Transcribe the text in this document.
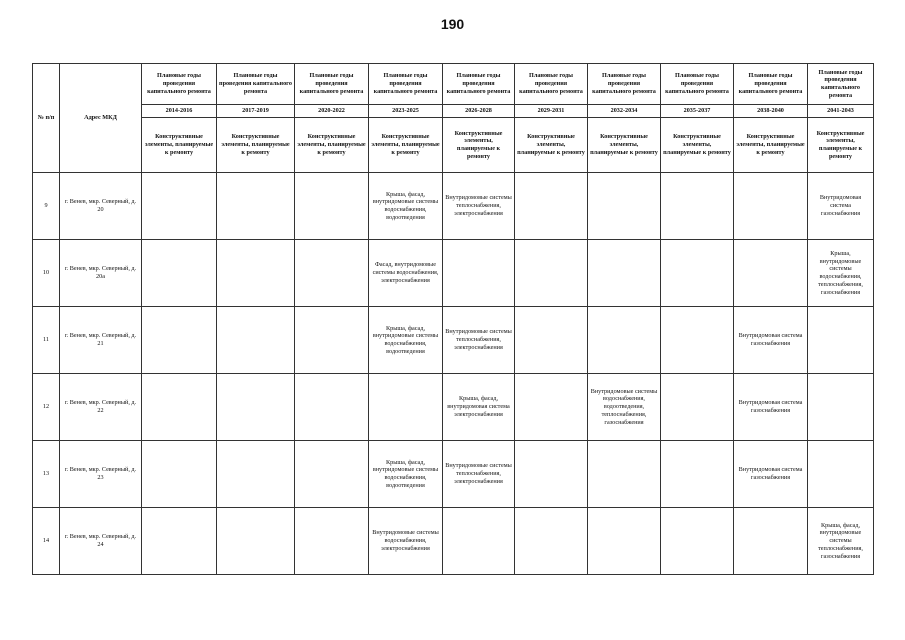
190
№ п/п	Адрес МКД	Плановые годы проведения капитального ремонта	Плановые годы проведения капитального ремонта	Плановые годы проведения капитального ремонта	Плановые годы проведения капитального ремонта	Плановые годы проведения капитального ремонта	Плановые годы проведения капитального ремонта	Плановые годы проведения капитального ремонта	Плановые годы проведения капитального ремонта	Плановые годы проведения капитального ремонта	Плановые годы проведения капитального ремонта
		2014-2016	2017-2019	2020-2022	2023-2025	2026-2028	2029-2031	2032-2034	2035-2037	2038-2040	2041-2043
		Конструктивные элементы, планируемые к ремонту	Конструктивные элементы, планируемые к ремонту	Конструктивные элементы, планируемые к ремонту	Конструктивные элементы, планируемые к ремонту	Конструктивные элементы, планируемые к ремонту	Конструктивные элементы, планируемые к ремонту	Конструктивные элементы, планируемые к ремонту	Конструктивные элементы, планируемые к ремонту	Конструктивные элементы, планируемые к ремонту	Конструктивные элементы, планируемые к ремонту
9	г. Венев, мкр. Северный, д. 20				Крыша, фасад, внутридомовые системы водоснабжения, водоотведения	Внутридомовые системы теплоснабжения, электроснабжения					Внутридомовая система газоснабжения
10	г. Венев, мкр. Северный, д. 20а				Фасад, внутридомовые системы водоснабжения, электроснабжения						Крыша, внутридомовые системы водоснабжения, теплоснабжения, газоснабжения
11	г. Венев, мкр. Северный, д. 21				Крыша, фасад, внутридомовые системы водоснабжения, водоотведения	Внутридомовые системы теплоснабжения, электроснабжения				Внутридомовая система газоснабжения	
12	г. Венев, мкр. Северный, д. 22					Крыша, фасад, внутридомовая система электроснабжения		Внутридомовые системы водоснабжения, водоотведения, теплоснабжения, газоснабжения		Внутридомовая система газоснабжения	
13	г. Венев, мкр. Северный, д. 23				Крыша, фасад, внутридомовые системы водоснабжения, водоотведения	Внутридомовые системы теплоснабжения, электроснабжения				Внутридомовая система газоснабжения	
14	г. Венев, мкр. Северный, д. 24				Внутридомовые системы водоснабжения, электроснабжения						Крыша, фасад, внутридомовые системы теплоснабжения, газоснабжения
